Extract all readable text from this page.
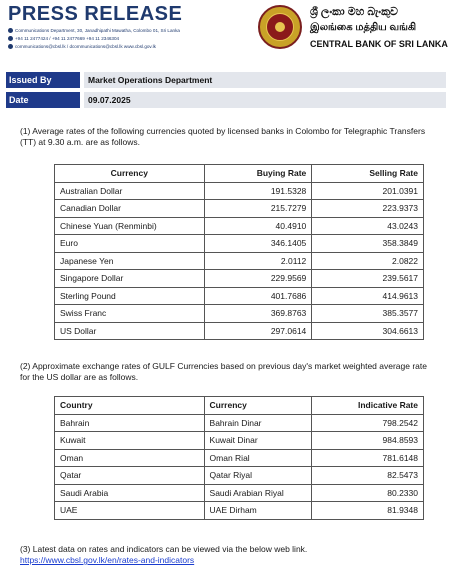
PRESS RELEASE
Communications Department, 30, Janadhipathi Mawatha, Colombo 01, Sri Lanka
+94 11 2477424 / +94 11 2477669 +94 11 2346304
communications@cbsl.lk / dcommunications@cbsl.lk www.cbsl.gov.lk
ශ්‍රී ලංකා මහ බැංකුව
இலங்கை மத்திய வங்கி
CENTRAL BANK OF SRI LANKA
Issued By	Market Operations Department
Date	09.07.2025
(1) Average rates of the following currencies quoted by licensed banks in Colombo for Telegraphic Transfers (TT) at 9.30 a.m. are as follows.
Currency	Buying Rate	Selling Rate
Australian Dollar	191.5328	201.0391
Canadian Dollar	215.7279	223.9373
Chinese Yuan (Renminbi)	40.4910	43.0243
Euro	346.1405	358.3849
Japanese Yen	2.0112	2.0822
Singapore Dollar	229.9569	239.5617
Sterling Pound	401.7686	414.9613
Swiss Franc	369.8763	385.3577
US Dollar	297.0614	304.6613
(2) Approximate exchange rates of GULF Currencies based on previous day's market weighted average rate for the US dollar are as follows.
Country	Currency	Indicative Rate
Bahrain	Bahrain Dinar	798.2542
Kuwait	Kuwait Dinar	984.8593
Oman	Oman Rial	781.6148
Qatar	Qatar Riyal	82.5473
Saudi Arabia	Saudi Arabian Riyal	80.2330
UAE	UAE Dirham	81.9348
(3) Latest data on rates and indicators can be viewed via the below web link.
https://www.cbsl.gov.lk/en/rates-and-indicators
